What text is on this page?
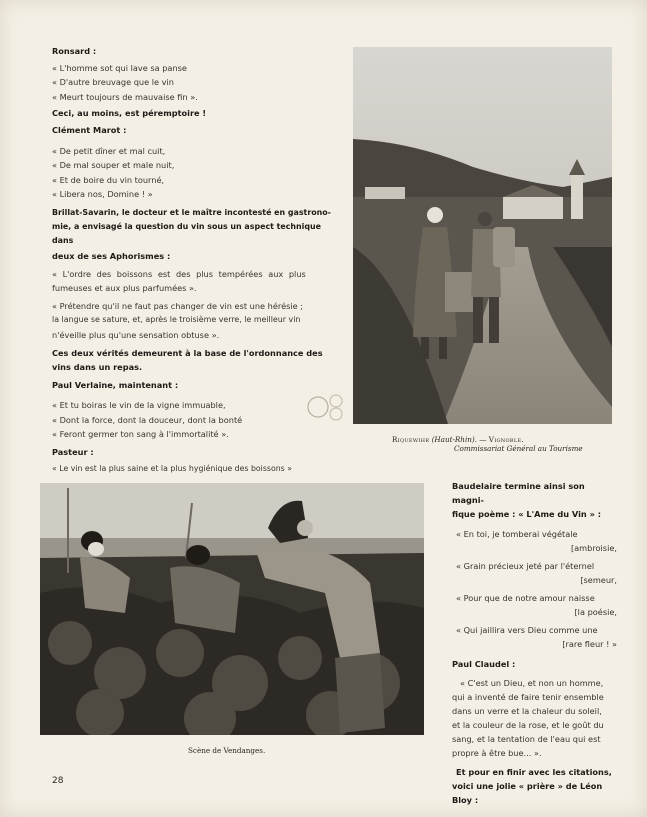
Ronsard :

« L'homme sot qui lave sa panse

« D'autre breuvage que le vin

« Meurt toujours de mauvaise fin ».

Ceci, au moins, est péremptoire !

Clément Marot :

« De petit dîner et mal cuit,

« De mal souper et male nuit,

« Et de boire du vin tourné,

« Libera nos, Domine ! »

Brillat-Savarin, le docteur et le maître incontesté en gastrono-

mie, a envisagé la question du vin sous un aspect technique dans

deux de ses Aphorismes :

« L'ordre des boissons est des plus tempérées aux plus

fumeuses et aux plus parfumées ».

« Prétendre qu'il ne faut pas changer de vin est une hérésie ;

la langue se sature, et, après le troisième verre, le meilleur vin

n'éveille plus qu'une sensation obtuse ».

Ces deux vérités demeurent à la base de l'ordonnance des

vins dans un repas.

Paul Verlaine, maintenant :

« Et tu boiras le vin de la vigne immuable,

« Dont la force, dont la douceur, dont la bonté

« Feront germer ton sang à l'immortalité ».

Pasteur :

« Le vin est la plus saine et la plus hygiénique des boissons »

Riquewihr (Haut-Rhin). — Vignoble.
Commissariat Général au Tourisme
Scène de Vendanges.

Baudelaire termine ainsi son magni-

fique poème : « L'Ame du Vin » :

« En toi, je tomberai végétale

[ambroisie,

« Grain précieux jeté par l'éternel

[semeur,

« Pour que de notre amour naisse

[la poésie,

« Qui jaillira vers Dieu comme une

[rare fleur ! »

Paul Claudel :

« C'est un Dieu, et non un homme,

qui a inventé de faire tenir ensemble

dans un verre et la chaleur du soleil,

et la couleur de la rose, et le goût du

sang, et la tentation de l'eau qui est

propre à être bue... ».

Et pour en finir avec les citations,

voici une jolie « prière » de Léon

Bloy :

28
